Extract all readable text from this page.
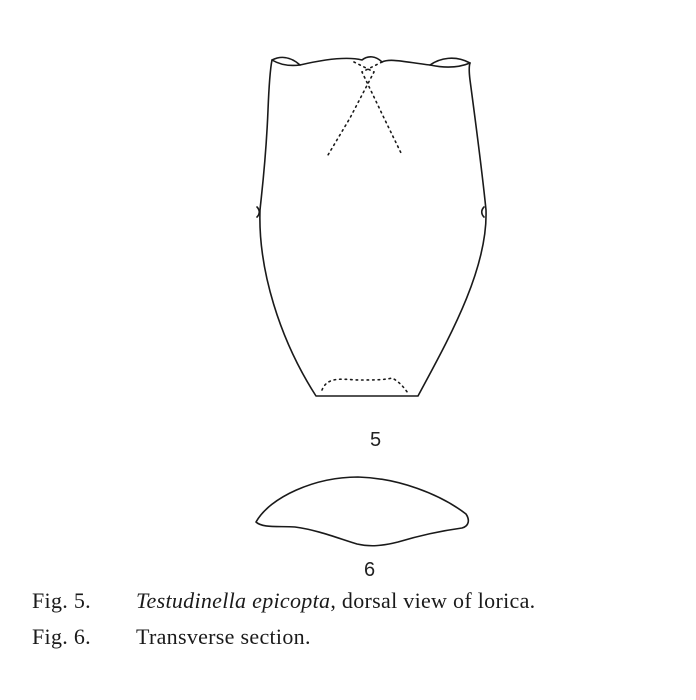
5
6
Fig. 5. Testudinella epicopta, dorsal view of lorica.
Fig. 6. Transverse section.
